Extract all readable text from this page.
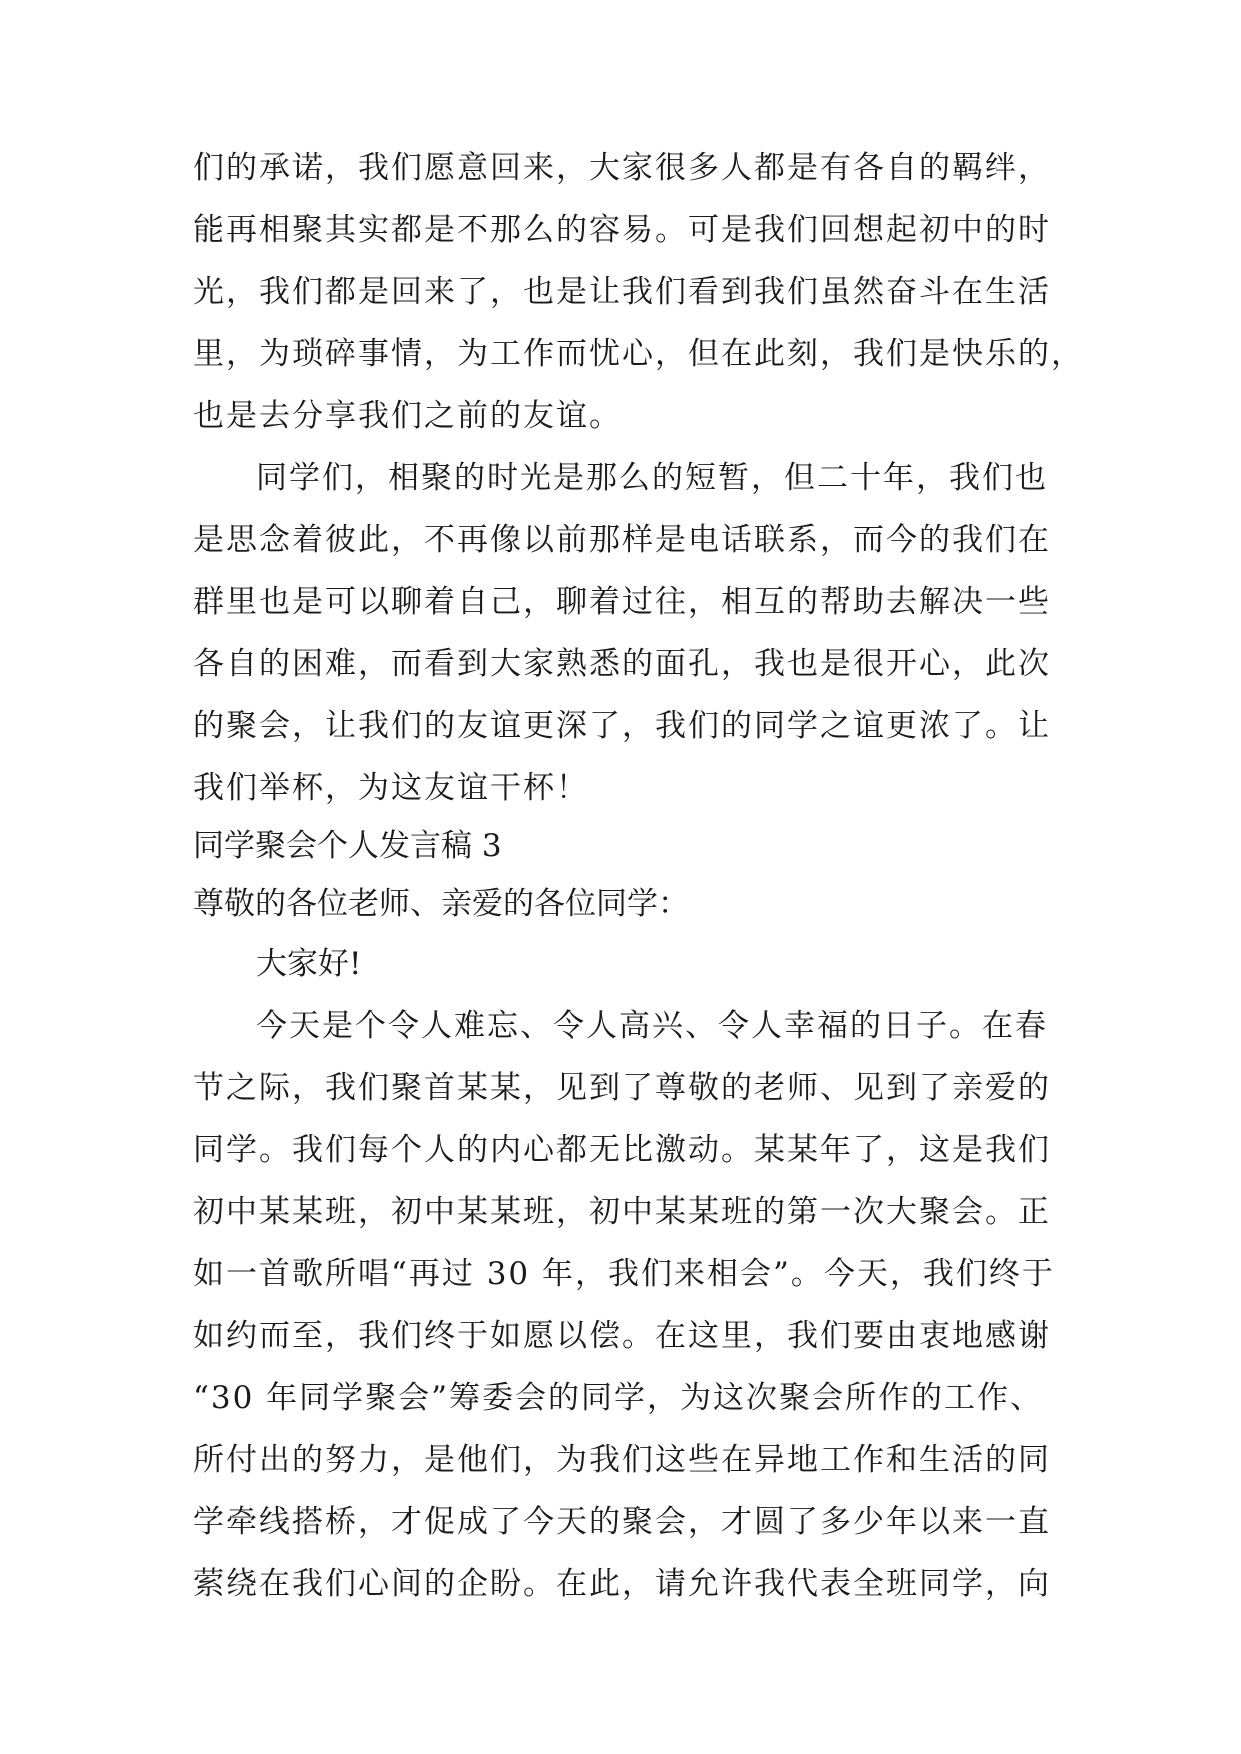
们的承诺，我们愿意回来，大家很多人都是有各自的羁绊，
能再相聚其实都是不那么的容易。可是我们回想起初中的时
光，我们都是回来了，也是让我们看到我们虽然奋斗在生活
里，为琐碎事情，为工作而忧心，但在此刻，我们是快乐的，
也是去分享我们之前的友谊。
同学们，相聚的时光是那么的短暂，但二十年，我们也
是思念着彼此，不再像以前那样是电话联系，而今的我们在
群里也是可以聊着自己，聊着过往，相互的帮助去解决一些
各自的困难，而看到大家熟悉的面孔，我也是很开心，此次
的聚会，让我们的友谊更深了，我们的同学之谊更浓了。让
我们举杯，为这友谊干杯！
同学聚会个人发言稿 3
尊敬的各位老师、亲爱的各位同学：
大家好!
今天是个令人难忘、令人高兴、令人幸福的日子。在春
节之际，我们聚首某某，见到了尊敬的老师、见到了亲爱的
同学。我们每个人的内心都无比激动。某某年了，这是我们
初中某某班，初中某某班，初中某某班的第一次大聚会。正
如一首歌所唱“再过 30 年，我们来相会”。今天，我们终于
如约而至，我们终于如愿以偿。在这里，我们要由衷地感谢
“30 年同学聚会”筹委会的同学，为这次聚会所作的工作、
所付出的努力，是他们，为我们这些在异地工作和生活的同
学牵线搭桥，才促成了今天的聚会，才圆了多少年以来一直
萦绕在我们心间的企盼。在此，请允许我代表全班同学，向
